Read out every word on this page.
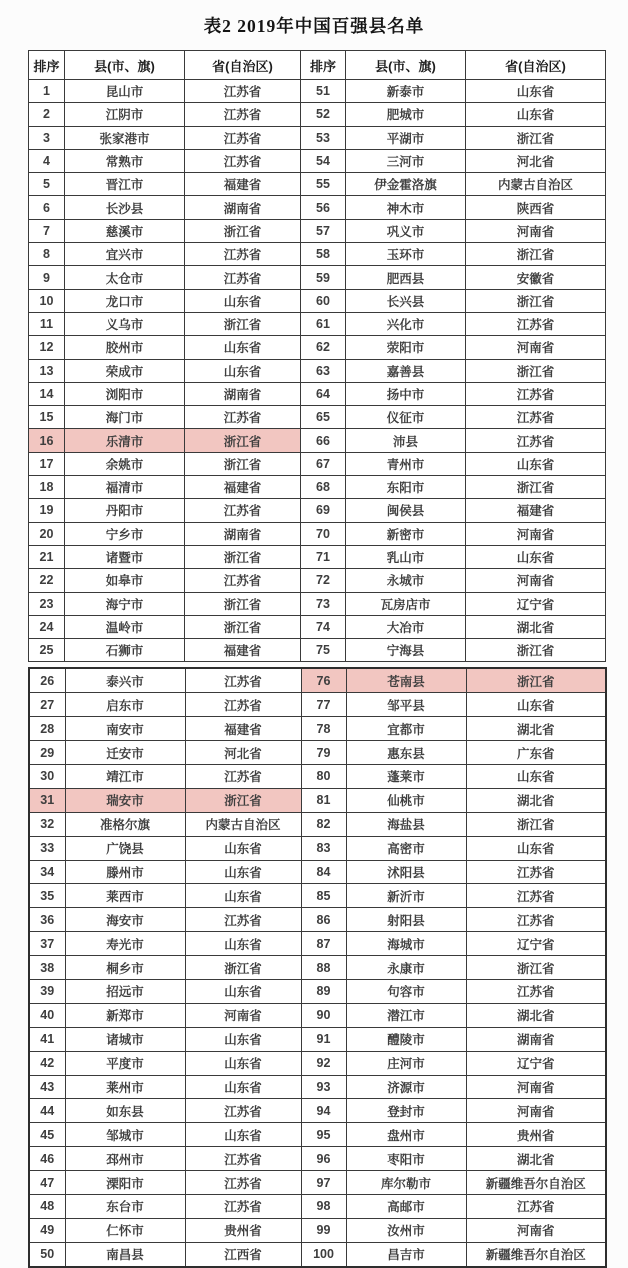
表2 2019年中国百强县名单
排序	县(市、旗)	省(自治区)	排序	县(市、旗)	省(自治区)
1	昆山市	江苏省	51	新泰市	山东省
2	江阴市	江苏省	52	肥城市	山东省
3	张家港市	江苏省	53	平湖市	浙江省
4	常熟市	江苏省	54	三河市	河北省
5	晋江市	福建省	55	伊金霍洛旗	内蒙古自治区
6	长沙县	湖南省	56	神木市	陕西省
7	慈溪市	浙江省	57	巩义市	河南省
8	宜兴市	江苏省	58	玉环市	浙江省
9	太仓市	江苏省	59	肥西县	安徽省
10	龙口市	山东省	60	长兴县	浙江省
11	义乌市	浙江省	61	兴化市	江苏省
12	胶州市	山东省	62	荥阳市	河南省
13	荣成市	山东省	63	嘉善县	浙江省
14	浏阳市	湖南省	64	扬中市	江苏省
15	海门市	江苏省	65	仪征市	江苏省
16	乐清市	浙江省	66	沛县	江苏省
17	余姚市	浙江省	67	青州市	山东省
18	福清市	福建省	68	东阳市	浙江省
19	丹阳市	江苏省	69	闽侯县	福建省
20	宁乡市	湖南省	70	新密市	河南省
21	诸暨市	浙江省	71	乳山市	山东省
22	如皋市	江苏省	72	永城市	河南省
23	海宁市	浙江省	73	瓦房店市	辽宁省
24	温岭市	浙江省	74	大冶市	湖北省
25	石狮市	福建省	75	宁海县	浙江省
26	泰兴市	江苏省	76	苍南县	浙江省
27	启东市	江苏省	77	邹平县	山东省
28	南安市	福建省	78	宜都市	湖北省
29	迁安市	河北省	79	惠东县	广东省
30	靖江市	江苏省	80	蓬莱市	山东省
31	瑞安市	浙江省	81	仙桃市	湖北省
32	准格尔旗	内蒙古自治区	82	海盐县	浙江省
33	广饶县	山东省	83	高密市	山东省
34	滕州市	山东省	84	沭阳县	江苏省
35	莱西市	山东省	85	新沂市	江苏省
36	海安市	江苏省	86	射阳县	江苏省
37	寿光市	山东省	87	海城市	辽宁省
38	桐乡市	浙江省	88	永康市	浙江省
39	招远市	山东省	89	句容市	江苏省
40	新郑市	河南省	90	潜江市	湖北省
41	诸城市	山东省	91	醴陵市	湖南省
42	平度市	山东省	92	庄河市	辽宁省
43	莱州市	山东省	93	济源市	河南省
44	如东县	江苏省	94	登封市	河南省
45	邹城市	山东省	95	盘州市	贵州省
46	邳州市	江苏省	96	枣阳市	湖北省
47	溧阳市	江苏省	97	库尔勒市	新疆维吾尔自治区
48	东台市	江苏省	98	高邮市	江苏省
49	仁怀市	贵州省	99	汝州市	河南省
50	南昌县	江西省	100	昌吉市	新疆维吾尔自治区
